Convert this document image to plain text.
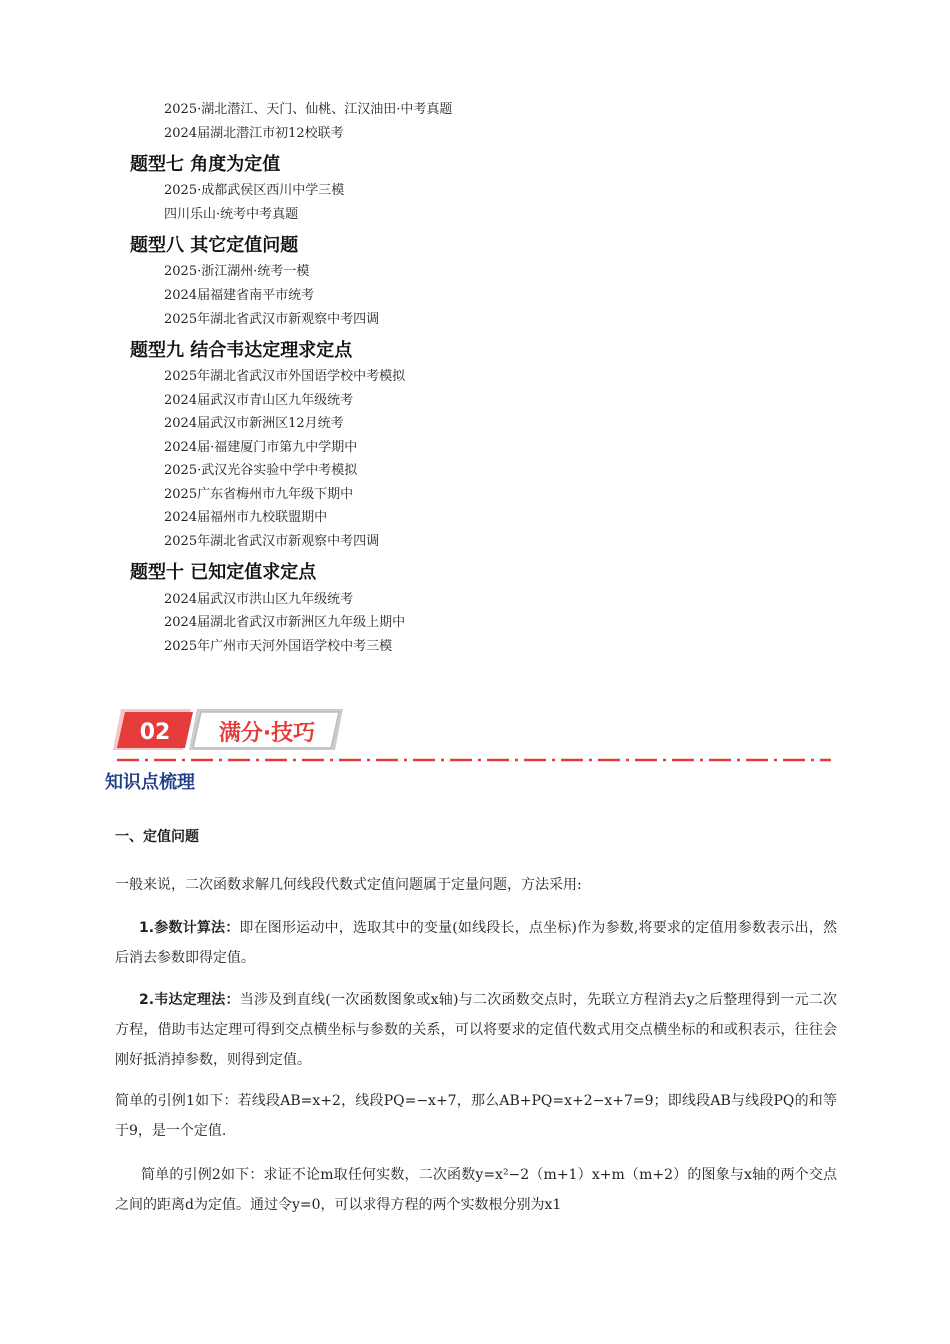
2025·湖北潜江、天门、仙桃、江汉油田·中考真题
2024届湖北潜江市初12校联考
题型七 角度为定值
2025·成都武侯区西川中学三模
四川乐山·统考中考真题
题型八 其它定值问题
2025·浙江湖州·统考一模
2024届福建省南平市统考
2025年湖北省武汉市新观察中考四调
题型九 结合韦达定理求定点
2025年湖北省武汉市外国语学校中考模拟
2024届武汉市青山区九年级统考
2024届武汉市新洲区12月统考
2024届·福建厦门市第九中学期中
2025·武汉光谷实验中学中考模拟
2025广东省梅州市九年级下期中
2024届福州市九校联盟期中
2025年湖北省武汉市新观察中考四调
题型十 已知定值求定点
2024届武汉市洪山区九年级统考
2024届湖北省武汉市新洲区九年级上期中
2025年广州市天河外国语学校中考三模
02 满分·技巧
知识点梳理
一、定值问题
一般来说，二次函数求解几何线段代数式定值问题属于定量问题，方法采用:
1.参数计算法：即在图形运动中，选取其中的变量(如线段长，点坐标)作为参数,将要求的定值用参数表示出，然后消去参数即得定值。
2.韦达定理法：当涉及到直线(一次函数图象或x轴)与二次函数交点时，先联立方程消去y之后整理得到一元二次方程，借助韦达定理可得到交点横坐标与参数的关系，可以将要求的定值代数式用交点横坐标的和或积表示，往往会刚好抵消掉参数，则得到定值。
简单的引例1如下：若线段AB=x+2，线段PQ=−x+7，那么AB+PQ=x+2−x+7=9；即线段AB与线段PQ的和等于9，是一个定值.
简单的引例2如下：求证不论m取任何实数，二次函数y=x²−2（m+1）x+m（m+2）的图象与x轴的两个交点之间的距离d为定值。通过令y=0，可以求得方程的两个实数根分别为x1
